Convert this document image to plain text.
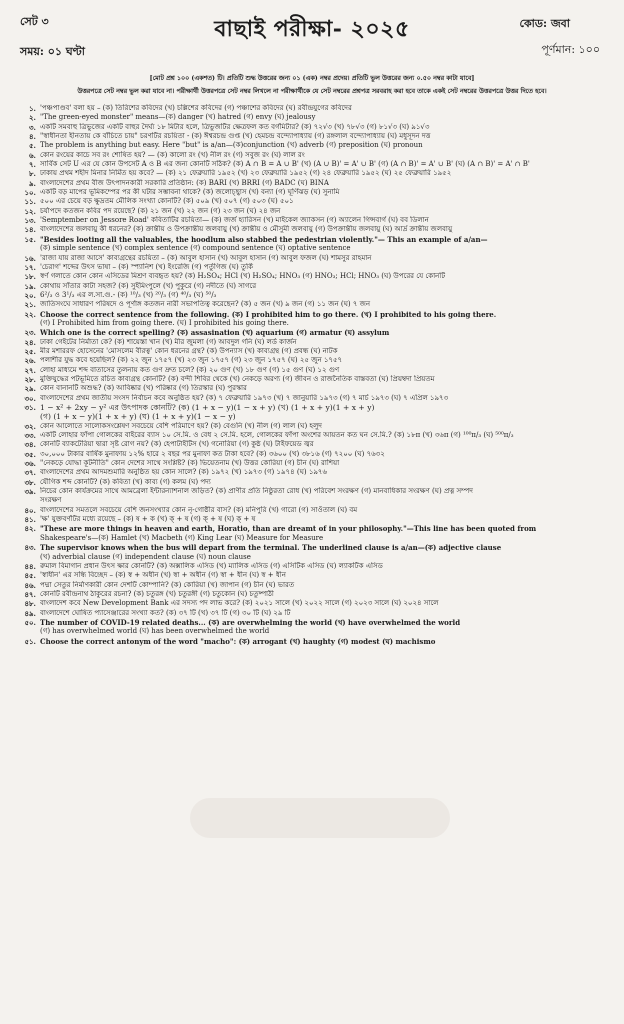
সেট ৩
সময়: ০১ ঘণ্টা
বাছাই পরীক্ষা- ২০২৫	কোড: জবা
পূর্ণমান: ১০০
[মোট প্রশ্ন ১০০ (একশত) টি। প্রতিটি শুদ্ধ উত্তরের জন্য ০১ (এক) নম্বর প্রদেয়। প্রতিটি ভুল উত্তরের জন্য ০.৫০ নম্বর কাটা যাবে]
উত্তরপত্রে সেট নম্বর ভুল করা যাবে না। পরীক্ষার্থী উত্তরপত্রে সেট নম্বর লিখলে না পরীক্ষার্থীকে যে সেট নম্বরের প্রশ্নপত্র সরবরাহ করা হবে তাকে একই সেট নম্বরের উত্তরপত্রে উত্তর দিতে হবে।
১. 'পঞ্চপাণ্ডব' বলা হয় – (ক) তিরিশের কবিদের (খ) চল্লিশের কবিদের (গ) পঞ্চাশের কবিদের (ঘ) রবীন্দ্রযুগের কবিদের
২. "The green-eyed monster" means—(ক) danger (খ) hatred (গ) envy (ঘ) jealousy
৩. একটি সমবাহু ত্রিভুজের একটি বাহুর দৈর্ঘ্য ১৮ মিটার হলে, ত্রিভুজটির ক্ষেত্রফল কত বর্গমিটার? (ক) ৭২√৩ (খ) ৭৮√৩ (গ) ৮১√৩ (ঘ) ৯১√৩
৪. "স্বাধীনতা হীনতায় কে বাঁচিতে চায়" চরণটির রচয়িতা - (ক) ঈশ্বরচন্দ্র গুপ্ত (খ) হেমচন্দ্র বন্দ্যোপাধ্যায় (গ) রঙ্গলাল বন্দ্যোপাধ্যায় (ঘ) মধুসূদন দত্ত
৫. The problem is anything but easy. Here "but" is a/an—(ক)conjunction (খ) adverb (গ) preposition (ঘ) pronoun
৬. কোন রংয়ের কাচে সব রং শোষিত হয়? — (ক) কালো রং (খ) নীল রং (গ) সবুজ রং (ঘ) লাল রং
৭. সার্বিক সেট U এর যে কোন উপসেট A ও B এর জন্য কোনটি সঠিক? (ক) A ∩ B = A ∪ B' (খ) (A ∪ B)' = A' ∪ B' (গ) (A ∩ B)' = A' ∪ B' (ঘ) (A ∩ B)' = A' ∩ B'
৮. ঢাকায় প্রথম শহীদ মিনার নির্মিত হয় কবে? — (ক) ২১ ফেব্রুয়ারি ১৯৫২ (খ) ২৩ ফেব্রুয়ারি ১৯৫২ (গ) ২৪ ফেব্রুয়ারি ১৯৫২ (ঘ) ২৫ ফেব্রুয়ারি ১৯৫২
৯. বাংলাদেশের প্রথম বীজ উৎপাদনকারী সরকারি প্রতিষ্ঠান: (ক) BARI (খ) BRRI (গ) BADC (ঘ) BINA
১০. একটি বড় মাপের ভূমিকম্পের পর কী ঘটার সম্ভাবনা থাকে? (ক) জলোচ্ছ্বাস (খ) বন্যা (গ) ঘূর্ণিঝড় (ঘ) সুনামি
১১. ৫০০ এর চেয়ে বড় ক্ষুদ্রতম মৌলিক সংখ্যা কোনটি? (ক) ৫০৯ (খ) ৫০৭ (গ) ৫০৩ (ঘ) ৫০১
১২. চর্যাপদে কতজন কবির পদ রয়েছে? (ক) ২১ জন (খ) ২২ জন (গ) ২৩ জন (ঘ) ২৪ জন
১৩. 'Semptember on Jessore Road' কবিতাটির রচয়িতা— (ক) জর্জ হ্যারিসন (খ) মাইকেল জ্যাকসন (গ) অ্যালেন গিন্সবার্গ (ঘ) বব ডিলান
১৪. বাংলাদেশের জলবায়ু কী ধরনের? (ক) ক্রান্তীয় ও উপক্রান্তীয় জলবায়ু (খ) ক্রান্তীয় ও মৌসুমী জলবায়ু (গ) উপক্রান্তীয় জলবায়ু (ঘ) আর্দ্র ক্রান্তীয় জলবায়ু
১৫. "Besides looting all the valuables, the hoodlum also stabbed the pedestrian violently."— This an example of a/an—
(ক) simple sentence (খ) complex sentence (গ) compound sentence (ঘ) optative sentence
১৬. 'রাজা যায় রাজা আসে' কাব্যগ্রন্থের রচয়িতা – (ক) আবুল হাসান (খ) আবুল হাসান (গ) আবুল ফজল (ঘ) শামসুর রাহমান
১৭. 'চেরাগ' শব্দের উৎস ভাষা – (ক) স্প্যানিশ (খ) ইংরেজি (গ) পর্তুগিজ (ঘ) তুর্কি
১৮. স্বর্ণ গলাতে কোন কোন এসিডের মিশ্রণ ব্যবহৃত হয়? (ক) H₂SO₄; HCl (খ) H₂SO₄; HNO₃ (গ) HNO₃; HCl; HNO₃ (ঘ) উপরের যে কোনটি
১৯. কোথায় সাঁতার কাটা সহজ? (ক) সুইমিংপুলে (খ) পুকুরে (গ) নদীতে (ঘ) সাগরে
২০. 6²/₃ ও 3¹/₃ এর ল.সা.গু.- (ক) ¹⁰/₃ (খ) ²⁰/₃ (গ) ⁴⁰/₃ (ঘ) ⁵⁰/₃
২১. জাতিসংঘে সাধারণ পরিষদে ও পূর্ণাঙ্গ কতজন নারী সভাপতিত্ব করেছেন? (ক) ৫ জন (খ) ৯ জন (গ) ১১ জন (ঘ) ৭ জন
২২. Choose the correct sentence from the following. (ক) I prohibited him to go there. (খ) I prohibited to his going there.
(গ) I Prohibited him from going there. (ঘ) I prohibited his going there.
২৩. Which one is the correct spelling? (ক) assasination (খ) aquarium (গ) armatur (ঘ) assylum
২৪. ঢাকা গেইটের নির্মাতা কে? (ক) শায়েস্তা খান (খ) মীর জুমলা (গ) আবদুল গনি (ঘ) লর্ড কার্জন
২৫. মীর মশাররফ হোসেনের 'মোসলেম বীরত্ব' কোন ধরনের গ্রন্থ? (ক) উপন্যাস (খ) কাব্যগ্রন্থ (গ) প্রবন্ধ (ঘ) নাটক
২৬. পলাশীর যুদ্ধ কবে হয়েছিল? (ক) ২২ জুন ১৭৫৭ (খ) ২৩ জুন ১৭৫৭ (গ) ২৩ জুন ১৭৫৭ (ঘ) ২৫ জুন ১৭৫৭
২৭. লোহা মাধ্যমে শব্দ বাতাসের তুলনায় কত গুণ দ্রুত চলে? (ক) ২০ গুণ (খ) ১৮ গুণ (গ) ১৫ গুণ (ঘ) ১২ গুণ
২৮. মুক্তিযুদ্ধের পটভূমিতে রচিত কাব্যগ্রন্থ কোনটি? (ক) বন্দী শিবির থেকে (খ) নেকড়ে অরণ্য (গ) জীবন ও রাজনৈতিক বাস্তবতা (ঘ) প্রিয়ম্বদা প্রিয়তম
২৯. কোন বানানটি অশুদ্ধ? (ক) আবিষ্কার (খ) পরিষ্কার (গ) তিরস্কার (ঘ) পুরস্কার
৩০. বাংলাদেশের প্রথম জাতীয় সংসদ নির্বাচন কবে অনুষ্ঠিত হয়? (ক) ৭ ফেব্রুয়ারি ১৯৭৩ (খ) ৭ জানুয়ারি ১৯৭৩ (গ) ৭ মার্চ ১৯৭৩ (ঘ) ৭ এপ্রিল ১৯৭৩
৩১. 1 − x² + 2xy − y² এর উৎপাদক কোনটি? (ক) (1 + x − y)(1 − x + y) (খ) (1 + x + y)(1 + x + y)
(গ) (1 + x − y)(1 + x + y) (ঘ) (1 + x + y)(1 − x − y)
৩২. কোন আলোতে সালোকসংশ্লেষণ সবচেয়ে বেশি পরিমাণে হয়? (ক) বেগুনি (খ) নীল (গ) লাল (ঘ) হলুদ
৩৩. একটি লোহার ফাঁপা গোলকের বাইরের ব্যাস ১০ সে.মি. ও বেধ ২ সে.মি. হলে, গোলকের ফাঁপা অংশের আয়তন কত ঘন সে.মি.? (ক) ১৮π (খ) ৩৬π (গ) ¹⁰⁰π/₃ (ঘ) ⁵⁰⁰π/₃
৩৪. কোনটি ব্যাকটেরিয়া দ্বারা সৃষ্ট রোগ নয়? (ক) হেপাটাইটিস (খ) গনোরিয়া (গ) কুষ্ঠ (ঘ) টাইফয়েড জ্বর
৩৫. ৩০,০০০ টাকার বার্ষিক মুনাফায় ১২% হারে ২ বছর পর মুনাফা কত টাকা হবে? (ক) ৩৬০০ (খ) ৩৮১৬ (গ) ৭২০০ (ঘ) ৭৬৩২
৩৬. "নেকড়ে যোদ্ধা কূটনীতি" কোন দেশের সাথে সংশ্লিষ্ট? (ক) ভিয়েতনাম (খ) উত্তর কোরিয়া (গ) চীন (ঘ) রাশিয়া
৩৭. বাংলাদেশের প্রথম আদমশুমারি অনুষ্ঠিত হয় কোন সালে? (ক) ১৯৭২ (খ) ১৯৭৩ (গ) ১৯৭৪ (ঘ) ১৯৭৬
৩৮. যৌগিক শব্দ কোনটি? (ক) কবিতা (খ) কাব্য (গ) কলম (ঘ) পদ্য
৩৯. নিচের কোন কার্যক্রমের সাথে আমব্রেলা ইন্টারন্যাশনাল জড়িত? (ক) প্রাণীর প্রতি নিষ্ঠুরতা রোধ (খ) পরিবেশ সংরক্ষণ (গ) মানবাধিকার সংরক্ষণ (ঘ) প্রত্ন সম্পদ
সংরক্ষণ
৪০. বাংলাদেশের সমতলে সবচেয়ে বেশি জনসংখ্যার কোন নৃ-গোষ্ঠীর বাস? (ক) মনিপুরি (খ) গারো (গ) সাওঁতাল (ঘ) বম
৪১. 'ক্ষ' যুক্তবর্ণটির মধ্যে রয়েছে – (ক) ষ + ক (খ) ক্ + ষ (গ) ক্ + ষ (ঘ) ক্ + ষ
৪২. "These are more things in heaven and earth, Horatio, than are dreamt of in your philosophy."—This line has been quoted from
Shakespeare's—(ক) Hamlet (খ) Macbeth (গ) King Lear (ঘ) Measure for Measure
৪৩. The supervisor knows when the bus will depart from the terminal. The underlined clause is a/an—(ক) adjective clause
(খ) adverbial clause (গ) independent clause (ঘ) noun clause
৪৪. রুমাল বিমাগান প্রধান উৎস ক্ষার কোনটি? (ক) অক্সালিক এসিড (খ) ম্যালিক এসিড (গ) এসিটিক এসিড (ঘ) ল্যাকটিক এসিড
৪৫. 'স্বাধীন' এর সন্ধি বিচ্ছেদ – (ক) স্ব + অধীন (খ) স্বা + অধীন (গ) স্বা + ধীন (ঘ) স্ব + ধীন
৪৬. পদ্মা সেতুর নির্মাণকারী কোন দেশটি কোম্পানি? (ক) কোরিয়া (খ) জাপান (গ) চীন (ঘ) ভারত
৪৭. কোনটি রবীন্দ্রনাথ ঠাকুরের রচনা? (ক) চতুরঙ্গ (খ) চতুরঙ্গী (গ) চতুকোন (ঘ) চতুষ্পাঠী
৪৮. বাংলাদেশ কবে New Development Bank এর সদস্য পদ লাভ করে? (ক) ২০২১ সালে (খ) ২০২২ সালে (গ) ২০২৩ সালে (ঘ) ২০২৪ সালে
৪৯. বাংলাদেশে ঘোষিত প্যাসেঞ্জারের সংখ্যা কত? (ক) ৩৭ টি (খ) ৩৭ টি (গ) ৩০ টি (ঘ) ২৯ টি
৫০. The number of COVID-19 related deaths... (ক) are overwhelming the world (খ) have overwhelmed the world
(গ) has overwhelmed world (ঘ) has been overwhelmed the world
৫১. Choose the correct antonym of the word "macho": (ক) arrogant (খ) haughty (গ) modest (ঘ) machismo
